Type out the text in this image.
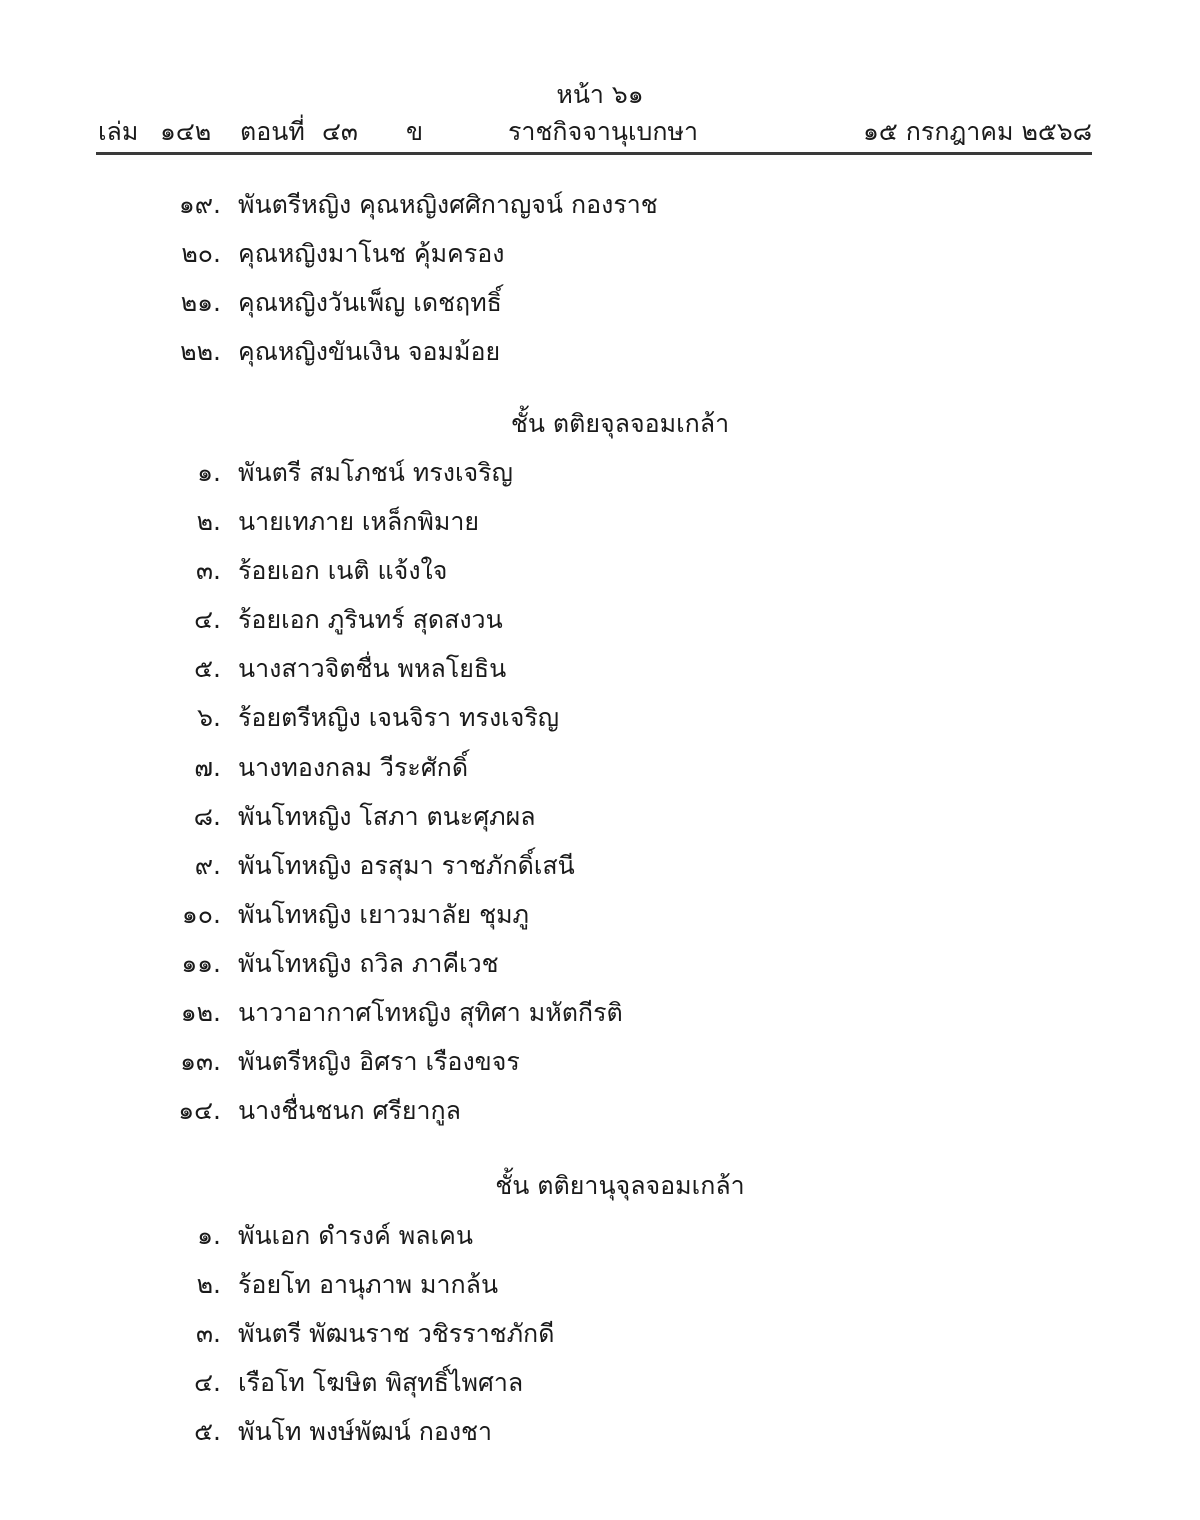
หน้า ๖๑
เล่ม ๑๔๒ ตอนที่ ๔๓ ข	ราชกิจจานุเบกษา	๑๕ กรกฎาคม ๒๕๖๘
๑๙. พันตรีหญิง คุณหญิงศศิกาญจน์ กองราช
๒๐. คุณหญิงมาโนช คุ้มครอง
๒๑. คุณหญิงวันเพ็ญ เดชฤทธิ์
๒๒. คุณหญิงขันเงิน จอมม้อย
ชั้น ตติยจุลจอมเกล้า
๑. พันตรี สมโภชน์ ทรงเจริญ
๒. นายเทภาย เหล็กพิมาย
๓. ร้อยเอก เนติ แจ้งใจ
๔. ร้อยเอก ภูรินทร์ สุดสงวน
๕. นางสาวจิตชื่น พหลโยธิน
๖. ร้อยตรีหญิง เจนจิรา ทรงเจริญ
๗. นางทองกลม วีระศักดิ์
๘. พันโทหญิง โสภา ตนะศุภผล
๙. พันโทหญิง อรสุมา ราชภักดิ์เสนี
๑๐. พันโทหญิง เยาวมาลัย ชุมภู
๑๑. พันโทหญิง ถวิล ภาคีเวช
๑๒. นาวาอากาศโทหญิง สุทิศา มหัตกีรติ
๑๓. พันตรีหญิง อิศรา เรืองขจร
๑๔. นางชื่นชนก ศรียากูล
ชั้น ตติยานุจุลจอมเกล้า
๑. พันเอก ดำรงค์ พลเคน
๒. ร้อยโท อานุภาพ มากล้น
๓. พันตรี พัฒนราช วชิรราชภักดี
๔. เรือโท โฆษิต พิสุทธิ์ไพศาล
๕. พันโท พงษ์พัฒน์ กองชา
